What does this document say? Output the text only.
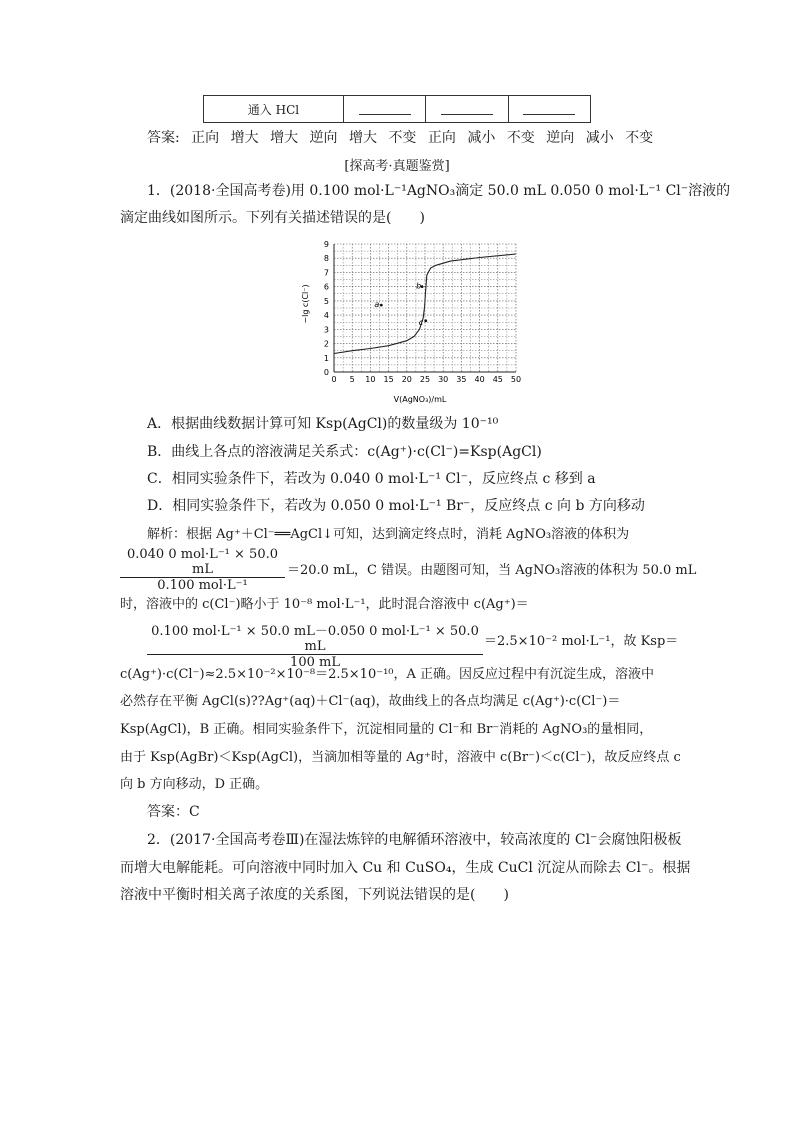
通入 HCl
答案: 正向 增大 增大 逆向 增大 不变 正向 减小 不变 逆向 减小 不变
[探高考·真题鉴赏]
1．(2018·全国高考卷)用 0.100 mol·L⁻¹AgNO₃滴定 50.0 mL 0.050 0 mol·L⁻¹ Cl⁻溶液的
滴定曲线如图所示。下列有关描述错误的是(　　)
0 5 10 15 20 25 30 35 40 45 50
0
1
2
3
4
5
6
7
8
9
a
b
c
−lg c(Cl⁻)
V(AgNO₃)/mL
A．根据曲线数据计算可知 Ksp(AgCl)的数量级为 10⁻¹⁰
B．曲线上各点的溶液满足关系式：c(Ag⁺)·c(Cl⁻)=Ksp(AgCl)
C．相同实验条件下，若改为 0.040 0 mol·L⁻¹ Cl⁻，反应终点 c 移到 a
D．相同实验条件下，若改为 0.050 0 mol·L⁻¹ Br⁻，反应终点 c 向 b 方向移动
解析：根据 Ag⁺＋Cl⁻══AgCl↓可知，达到滴定终点时，消耗 AgNO₃溶液的体积为
0.040 0 mol·L⁻¹ × 50.0 mL
0.100 mol·L⁻¹
＝20.0 mL，C 错误。由题图可知，当 AgNO₃溶液的体积为 50.0 mL
时，溶液中的 c(Cl⁻)略小于 10⁻⁸ mol·L⁻¹，此时混合溶液中 c(Ag⁺)＝
0.100 mol·L⁻¹ × 50.0 mL－0.050 0 mol·L⁻¹ × 50.0 mL
100 mL
＝2.5×10⁻² mol·L⁻¹，故 Ksp＝
c(Ag⁺)·c(Cl⁻)≈2.5×10⁻²×10⁻⁸＝2.5×10⁻¹⁰，A 正确。因反应过程中有沉淀生成，溶液中
必然存在平衡 AgCl(s)??Ag⁺(aq)＋Cl⁻(aq)，故曲线上的各点均满足 c(Ag⁺)·c(Cl⁻)＝
Ksp(AgCl)，B 正确。相同实验条件下，沉淀相同量的 Cl⁻和 Br⁻消耗的 AgNO₃的量相同，
由于 Ksp(AgBr)＜Ksp(AgCl)，当滴加相等量的 Ag⁺时，溶液中 c(Br⁻)＜c(Cl⁻)，故反应终点 c
向 b 方向移动，D 正确。
答案：C
2．(2017·全国高考卷Ⅲ)在湿法炼锌的电解循环溶液中，较高浓度的 Cl⁻会腐蚀阳极板
而增大电解能耗。可向溶液中同时加入 Cu 和 CuSO₄，生成 CuCl 沉淀从而除去 Cl⁻。根据
溶液中平衡时相关离子浓度的关系图，下列说法错误的是(　　)
